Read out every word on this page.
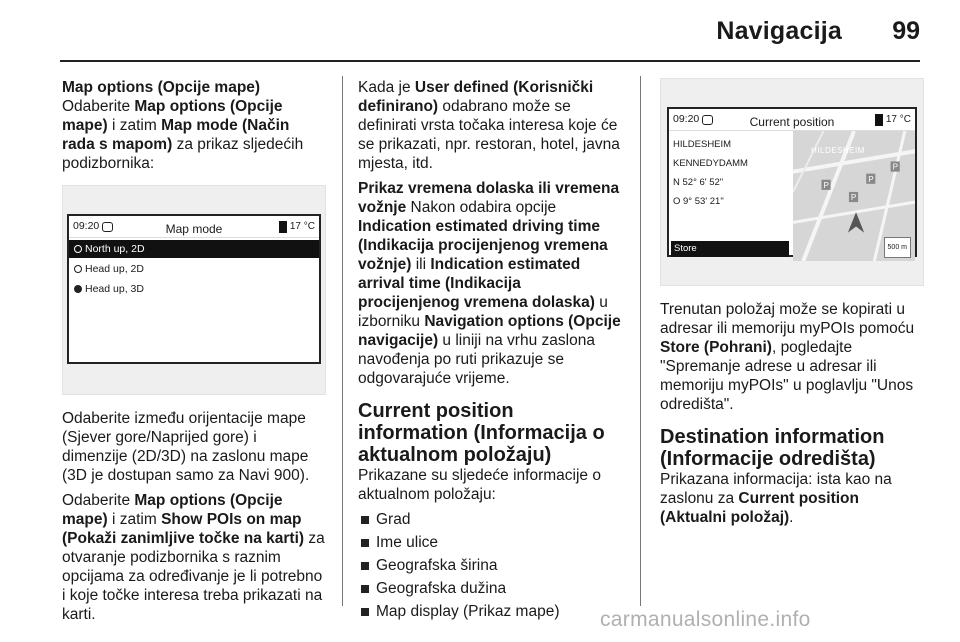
Navigacija 99

Map options (Opcije mape) Odaberite Map options (Opcije mape) i zatim Map mode (Način rada s mapom) za prikaz sljedećih podizbornika:

09:20	Map mode	17 °C
North up, 2D
Head up, 2D
Head up, 3D

Odaberite između orijentacije mape (Sjever gore/Naprijed gore) i dimenzije (2D/3D) na zaslonu mape (3D je dostupan samo za Navi 900).

Odaberite Map options (Opcije mape) i zatim Show POIs on map (Pokaži zanimljive točke na karti) za otvaranje podizbornika s raznim opcijama za određivanje je li potrebno i koje točke interesa treba prikazati na karti.

Kada je User defined (Korisnički definirano) odabrano može se definirati vrsta točaka interesa koje će se prikazati, npr. restoran, hotel, javna mjesta, itd.

Prikaz vremena dolaska ili vremena vožnje Nakon odabira opcije Indication estimated driving time (Indikacija procijenjenog vremena vožnje) ili Indication estimated arrival time (Indikacija procijenjenog vremena dolaska) u izborniku Navigation options (Opcije navigacije) u liniji na vrhu zaslona navođenja po ruti prikazuje se odgovarajuće vrijeme.

Current position information (Informacija o aktualnom položaju)

Prikazane su sljedeće informacije o aktualnom položaju:

Grad
Ime ulice
Geografska širina
Geografska dužina
Map display (Prikaz mape)
09:20	Current position	17 °C
HILDESHEIM
KENNEDYDAMM
N 52° 6' 52"
O 9° 53' 21"
Store
P
P
P
P
HILDESHEIM
500 m

Trenutan položaj može se kopirati u adresar ili memoriju myPOIs pomoću Store (Pohrani), pogledajte "Spremanje adrese u adresar ili memoriju myPOIs" u poglavlju "Unos odredišta".

Destination information (Informacije odredišta)

Prikazana informacija: ista kao na zaslonu za Current position (Aktualni položaj).

carmanualsonline.info
